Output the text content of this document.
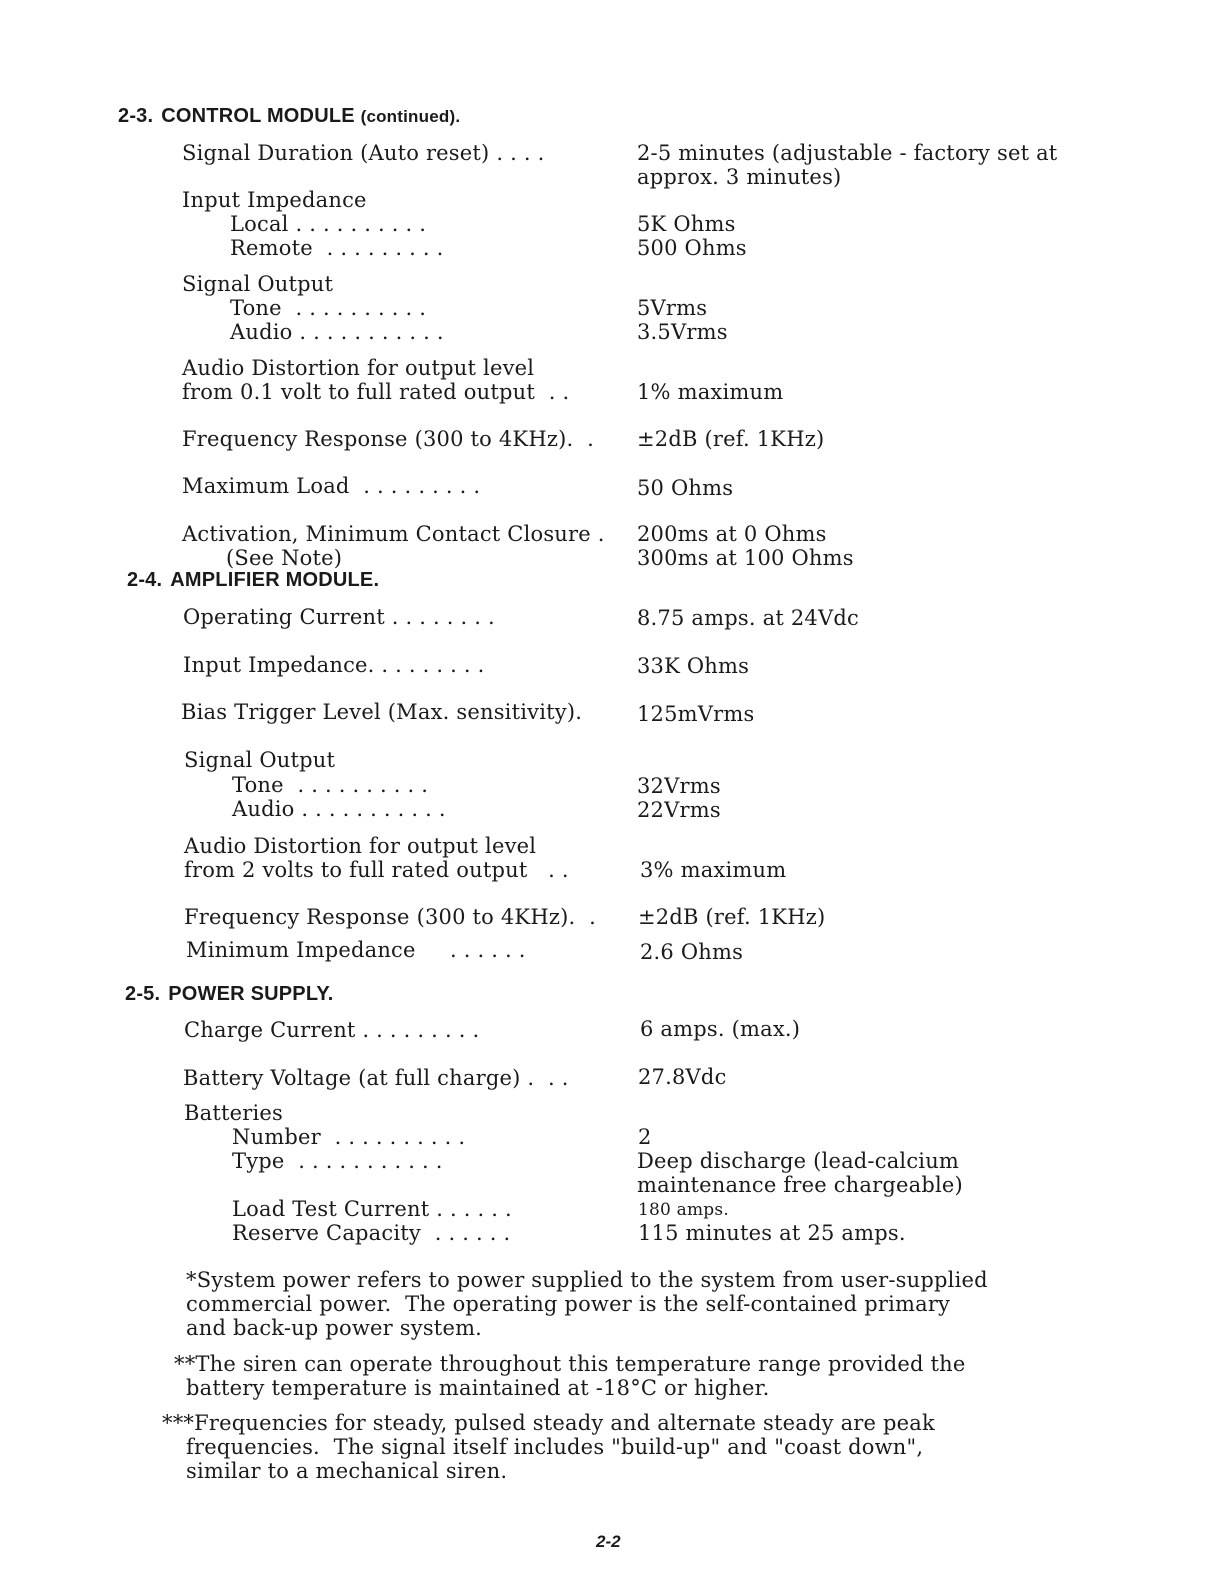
2-3. CONTROL MODULE (continued).
Signal Duration (Auto reset) . . . .	2-5 minutes (adjustable - factory set at
approx. 3 minutes)
Input Impedance
Local . . . . . . . . . .	5K Ohms
Remote  . . . . . . . . .	500 Ohms
Signal Output
Tone  . . . . . . . . . .	5Vrms
Audio . . . . . . . . . . .	3.5Vrms
Audio Distortion for output level
from 0.1 volt to full rated output  . .	1% maximum
Frequency Response (300 to 4KHz).  . ±2dB (ref. 1KHz)
Maximum Load  . . . . . . . . .	50 Ohms
Activation, Minimum Contact Closure . 200ms at 0 Ohms
(See Note)	300ms at 100 Ohms
2-4. AMPLIFIER MODULE.
Operating Current . . . . . . . .	8.75 amps. at 24Vdc
Input Impedance. . . . . . . . .	33K Ohms
Bias Trigger Level (Max. sensitivity).	125mVrms
Signal Output
Tone  . . . . . . . . . .	32Vrms
Audio . . . . . . . . . . .	22Vrms
Audio Distortion for output level
from 2 volts to full rated output   . .	3% maximum
Frequency Response (300 to 4KHz).  . ±2dB (ref. 1KHz)
Minimum Impedance     . . . . . .	2.6 Ohms
2-5. POWER SUPPLY.
Charge Current . . . . . . . . .	6 amps. (max.)
Battery Voltage (at full charge) .  . .	27.8Vdc
Batteries
Number  . . . . . . . . . .	2
Type  . . . . . . . . . . .	Deep discharge (lead-calcium
maintenance free chargeable)
Load Test Current . . . . . .	180 amps.
Reserve Capacity  . . . . . .	115 minutes at 25 amps.
*System power refers to power supplied to the system from user-supplied
commercial power.  The operating power is the self-contained primary
and back-up power system.
**The siren can operate throughout this temperature range provided the
battery temperature is maintained at -18°C or higher.
***Frequencies for steady, pulsed steady and alternate steady are peak
frequencies.  The signal itself includes "build-up" and "coast down",
similar to a mechanical siren.
2-2
